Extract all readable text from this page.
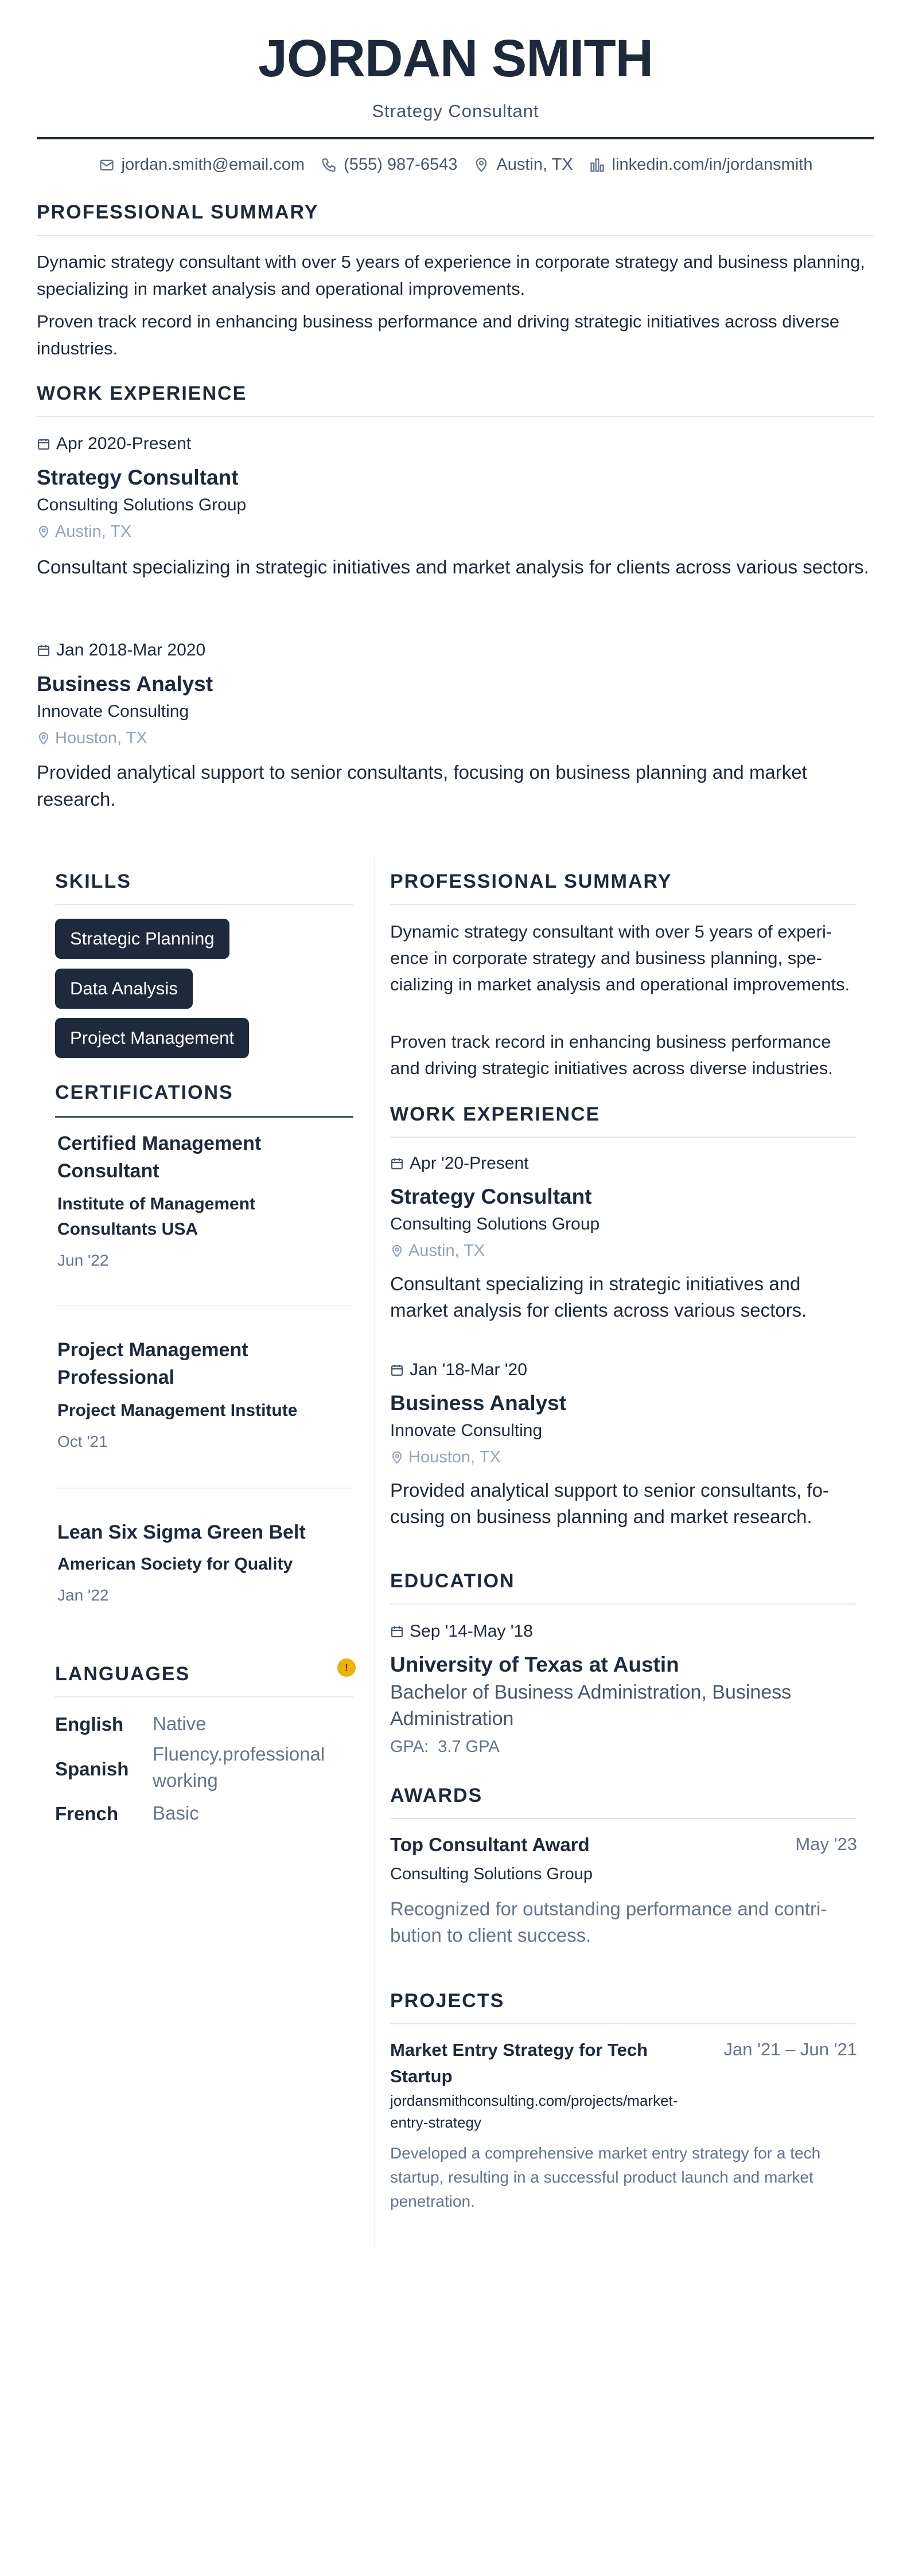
JORDAN SMITH
Strategy Consultant
jordan.smith@email.com (555) 987-6543 Austin, TX linkedin.com/in/jordansmith
PROFESSIONAL SUMMARY
Dynamic strategy consultant with over 5 years of experience in corporate strategy and business planning, specializing in market analysis and operational improvements.
Proven track record in enhancing business performance and driving strategic initiatives across diverse industries.
WORK EXPERIENCE
Apr 2020-Present
Strategy Consultant
Consulting Solutions Group
Austin, TX
Consultant specializing in strategic initiatives and market analysis for clients across various sectors.
Jan 2018-Mar 2020
Business Analyst
Innovate Consulting
Houston, TX
Provided analytical support to senior consultants, focusing on business planning and market research.
SKILLS
Strategic Planning
Data Analysis
Project Management
CERTIFICATIONS
Certified Management Consultant
Institute of Management Consultants USA
Jun '22
Project Management Professional
Project Management Institute
Oct '21
Lean Six Sigma Green Belt
American Society for Quality
Jan '22
LANGUAGES	!
English Native
Spanish
Fluency.professional working
French Basic
PROFESSIONAL SUMMARY
Dynamic strategy consultant with over 5 years of experi-ence in corporate strategy and business planning, spe-cializing in market analysis and operational improvements.
Proven track record in enhancing business performance and driving strategic initiatives across diverse industries.
WORK EXPERIENCE
Apr '20-Present
Strategy Consultant
Consulting Solutions Group
Austin, TX
Consultant specializing in strategic initiatives and market analysis for clients across various sectors.
Jan '18-Mar '20
Business Analyst
Innovate Consulting
Houston, TX
Provided analytical support to senior consultants, fo-cusing on business planning and market research.
EDUCATION
Sep '14-May '18
University of Texas at Austin
Bachelor of Business Administration, Business Administration
GPA: 3.7 GPA
AWARDS
Top Consultant Award	May '23
Consulting Solutions Group
Recognized for outstanding performance and contri-bution to client success.
PROJECTS
Market Entry Strategy for Tech Startup
Jan '21 – Jun '21
jordansmithconsulting.com/projects/market-entry-strategy
Developed a comprehensive market entry strategy for a tech startup, resulting in a successful product launch and market penetration.
